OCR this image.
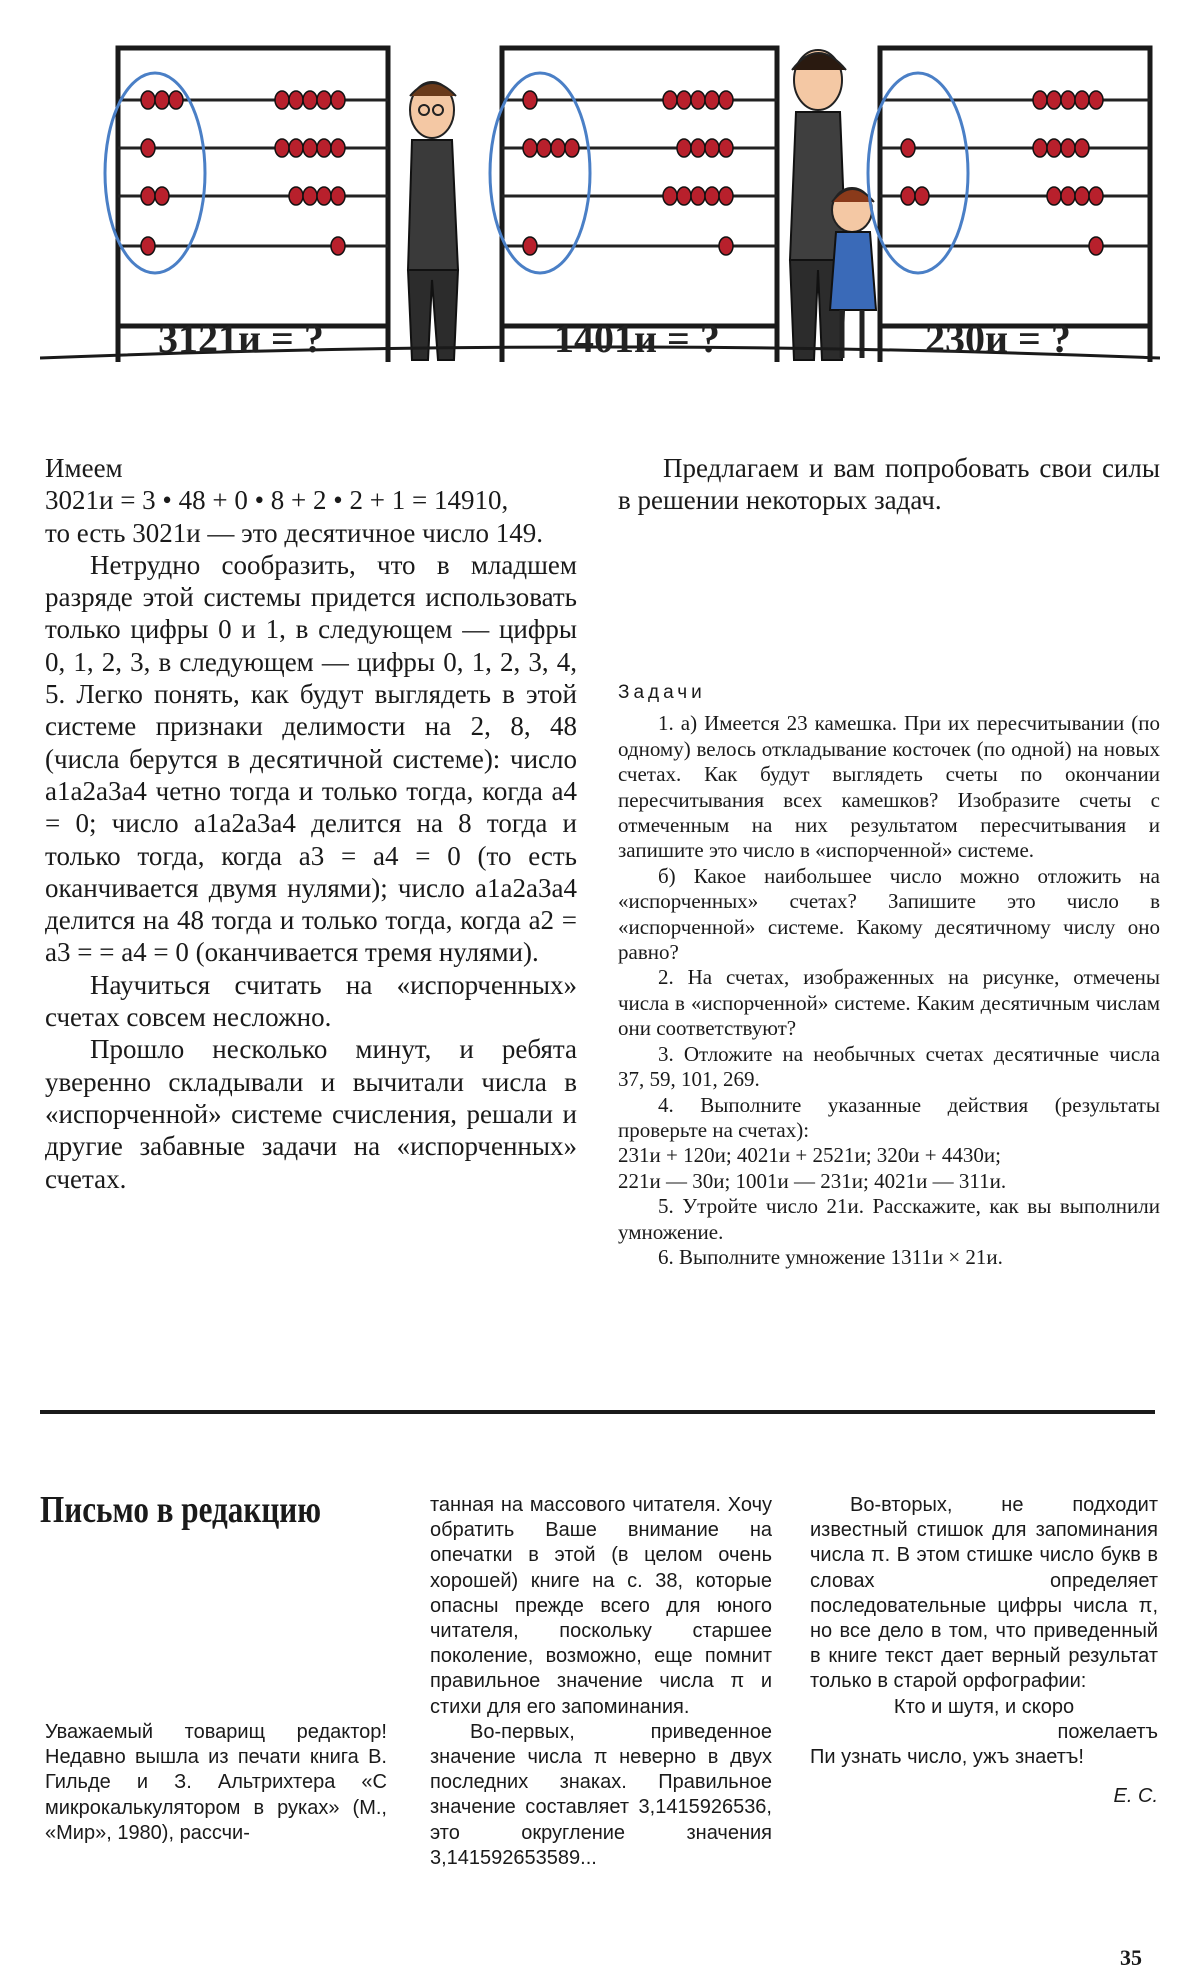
3121и = ?	1401и = ?	230и = ?

Имеем

3021и = 3 • 48 + 0 • 8 + 2 • 2 + 1 = 14910,

то есть 3021и — это десятичное число 149.

Нетрудно сообразить, что в младшем разряде этой системы придется использовать только цифры 0 и 1, в следующем — цифры 0, 1, 2, 3, в следующем — цифры 0, 1, 2, 3, 4, 5. Легко понять, как будут выглядеть в этой системе признаки делимости на 2, 8, 48 (числа берутся в десятичной системе): число a1a2a3a4 четно тогда и только тогда, когда a4 = 0; число a1a2a3a4 делится на 8 тогда и только тогда, когда a3 = a4 = 0 (то есть оканчивается двумя нулями); число a1a2a3a4 делится на 48 тогда и только тогда, когда a2 = a3 = = a4 = 0 (оканчивается тремя нулями).

Научиться считать на «испорченных» счетах совсем несложно.

Прошло несколько минут, и ребята уверенно складывали и вычитали числа в «испорченной» системе счисления, решали и другие забавные задачи на «испорченных» счетах.

Предлагаем и вам попробовать свои силы в решении некоторых задач.

Задачи

1. а) Имеется 23 камешка. При их пересчитывании (по одному) велось откладывание косточек (по одной) на новых счетах. Как будут выглядеть счеты по окончании пересчитывания всех камешков? Изобразите счеты с отмеченным на них результатом пересчитывания и запишите это число в «испорченной» системе.

б) Какое наибольшее число можно отложить на «испорченных» счетах? Запишите это число в «испорченной» системе. Какому десятичному числу оно равно?

2. На счетах, изображенных на рисунке, отмечены числа в «испорченной» системе. Каким десятичным числам они соответствуют?

3. Отложите на необычных счетах десятичные числа 37, 59, 101, 269.

4. Выполните указанные действия (результаты проверьте на счетах):

231и + 120и; 4021и + 2521и; 320и + 4430и;

221и — 30и; 1001и — 231и; 4021и — 311и.

5. Утройте число 21и. Расскажите, как вы выполнили умножение.

6. Выполните умножение 1311и × 21и.

Письмо в редакцию

Уважаемый товарищ редактор! Недавно вышла из печати книга В. Гильде и З. Альтрихтера «С микрокалькулятором в руках» (М., «Мир», 1980), рассчи-

танная на массового читателя. Хочу обратить Ваше внимание на опечатки в этой (в целом очень хорошей) книге на с. 38, которые опасны прежде всего для юного читателя, поскольку старшее поколение, возможно, еще помнит правильное значение числа π и стихи для его запоминания.

Во-первых, приведенное значение числа π неверно в двух последних знаках. Правильное значение составляет 3,1415926536, это округление значения 3,141592653589...

Во-вторых, не подходит известный стишок для запоминания числа π. В этом стишке число букв в словах определяет последовательные цифры числа π, но все дело в том, что приведенный в книге текст дает верный результат только в старой орфографии:

Кто и шутя, и скоро

пожелаетъ

Пи узнать число, ужъ знаетъ!

Е. С.

35
